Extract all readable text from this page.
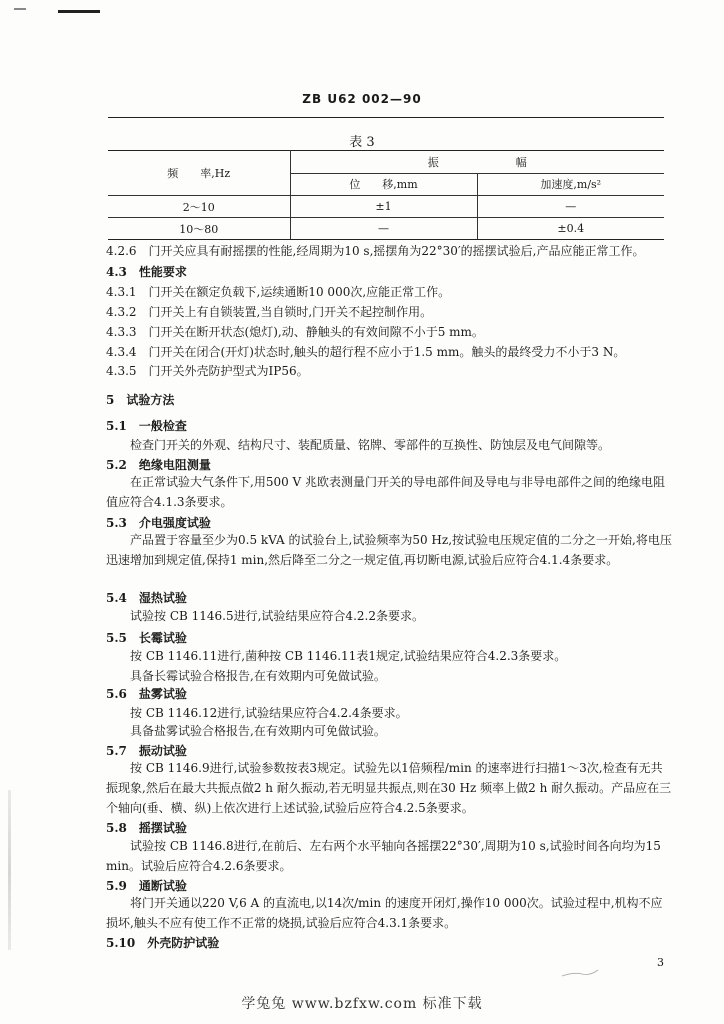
ZB U62 002—90
表 3
频　　率,Hz	振　　　　　　　幅	
	位　　移,mm	加速度,m/s²
2～10	±1	—
10～80	—	±0.4
4.2.6　门开关应具有耐摇摆的性能,经周期为10 s,摇摆角为22°30′的摇摆试验后,产品应能正常工作。
4.3　性能要求
4.3.1　门开关在额定负载下,运续通断10 000次,应能正常工作。
4.3.2　门开关上有自锁装置,当自锁时,门开关不起控制作用。
4.3.3　门开关在断开状态(熄灯),动、静触头的有效间隙不小于5 mm。
4.3.4　门开关在闭合(开灯)状态时,触头的超行程不应小于1.5 mm。触头的最终受力不小于3 N。
4.3.5　门开关外壳防护型式为IP56。
5　试验方法
5.1　一般检查
检查门开关的外观、结构尺寸、装配质量、铭牌、零部件的互换性、防蚀层及电气间隙等。
5.2　绝缘电阻测量
在正常试验大气条件下,用500 V 兆欧表测量门开关的导电部件间及导电与非导电部件之间的绝缘电阻值应符合4.1.3条要求。
5.3　介电强度试验
产品置于容量至少为0.5 kVA 的试验台上,试验频率为50 Hz,按试验电压规定值的二分之一开始,将电压迅速增加到规定值,保持1 min,然后降至二分之一规定值,再切断电源,试验后应符合4.1.4条要求。
5.4　湿热试验
试验按 CB 1146.5进行,试验结果应符合4.2.2条要求。
5.5　长霉试验
按 CB 1146.11进行,菌种按 CB 1146.11表1规定,试验结果应符合4.2.3条要求。
具备长霉试验合格报告,在有效期内可免做试验。
5.6　盐雾试验
按 CB 1146.12进行,试验结果应符合4.2.4条要求。
具备盐雾试验合格报告,在有效期内可免做试验。
5.7　振动试验
按 CB 1146.9进行,试验参数按表3规定。试验先以1倍频程/min 的速率进行扫描1～3次,检查有无共振现象,然后在最大共振点做2 h 耐久振动,若无明显共振点,则在30 Hz 频率上做2 h 耐久振动。产品应在三个轴向(垂、横、纵)上依次进行上述试验,试验后应符合4.2.5条要求。
5.8　摇摆试验
试验按 CB 1146.8进行,在前后、左右两个水平轴向各摇摆22°30′,周期为10 s,试验时间各向均为15 min。试验后应符合4.2.6条要求。
5.9　通断试验
将门开关通以220 V,6 A 的直流电,以14次/min 的速度开闭灯,操作10 000次。试验过程中,机构不应损坏,触头不应有使工作不正常的烧损,试验后应符合4.3.1条要求。
5.10　外壳防护试验
3
学兔兔 www.bzfxw.com 标准下载
